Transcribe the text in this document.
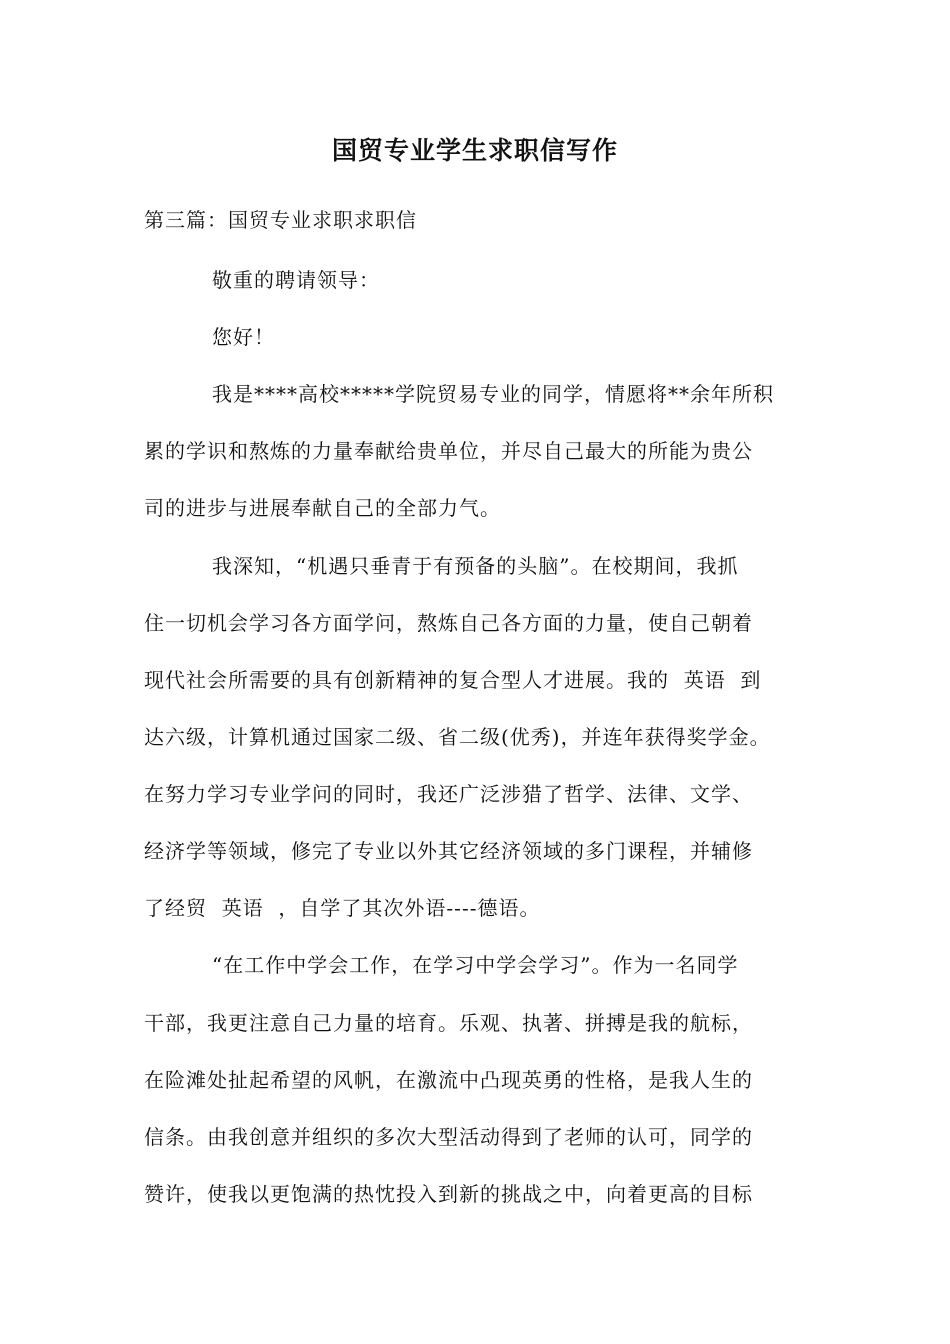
国贸专业学生求职信写作
第三篇：国贸专业求职求职信
敬重的聘请领导：
您好！
我是****高校*****学院贸易专业的同学，情愿将**余年所积
累的学识和熬炼的力量奉献给贵单位，并尽自己最大的所能为贵公
司的进步与进展奉献自己的全部力气。
我深知，“机遇只垂青于有预备的头脑”。在校期间，我抓
住一切机会学习各方面学问，熬炼自己各方面的力量，使自己朝着
现代社会所需要的具有创新精神的复合型人才进展。我的  英语  到
达六级，计算机通过国家二级、省二级(优秀)，并连年获得奖学金。
在努力学习专业学问的同时，我还广泛涉猎了哲学、法律、文学、
经济学等领域，修完了专业以外其它经济领域的多门课程，并辅修
了经贸  英语  ，自学了其次外语----德语。
“在工作中学会工作，在学习中学会学习”。作为一名同学
干部，我更注意自己力量的培育。乐观、执著、拼搏是我的航标，
在险滩处扯起希望的风帆，在激流中凸现英勇的性格，是我人生的
信条。由我创意并组织的多次大型活动得到了老师的认可，同学的
赞许，使我以更饱满的热忱投入到新的挑战之中，向着更高的目标
